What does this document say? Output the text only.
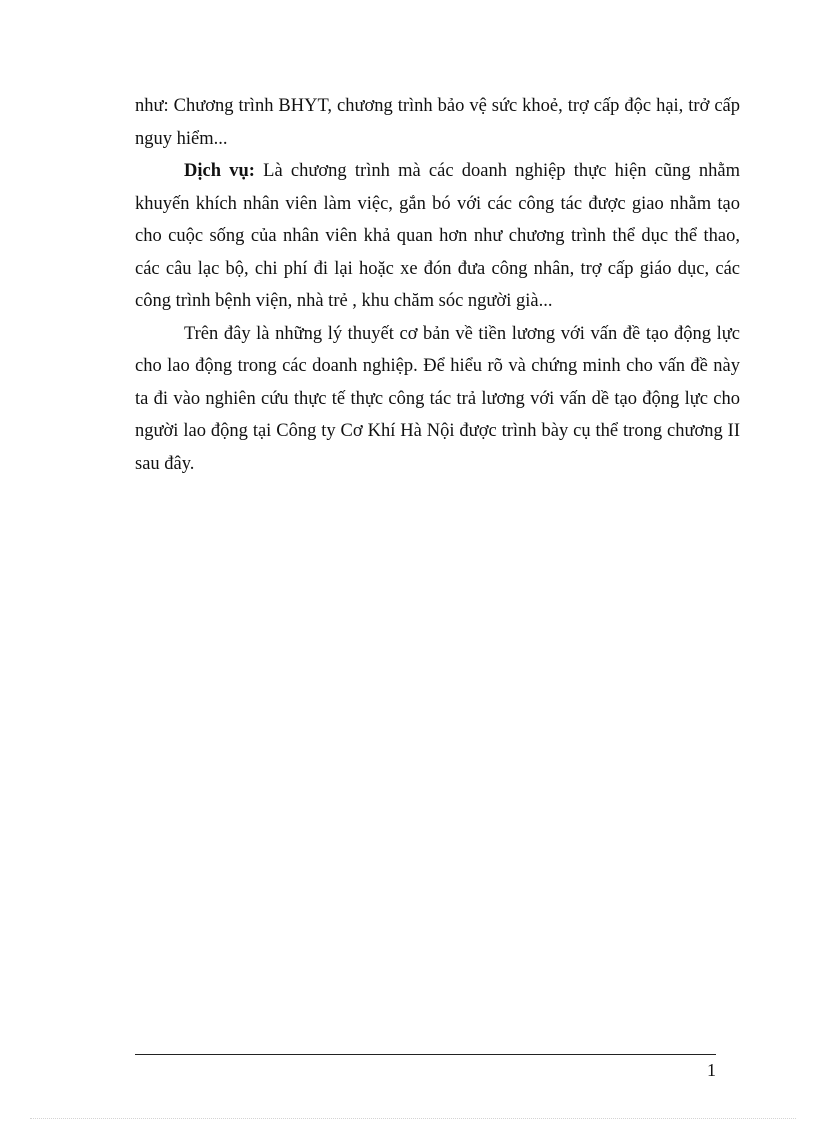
như: Chương trình BHYT, chương trình bảo vệ sức khoẻ, trợ cấp độc hại, trở cấp nguy hiểm...

Dịch vụ: Là chương trình mà các doanh nghiệp thực hiện cũng nhằm khuyến khích nhân viên làm việc, gắn bó với các công tác được giao nhằm tạo cho cuộc sống của nhân viên khả quan hơn như chương trình thể dục thể thao, các câu lạc bộ, chi phí đi lại hoặc xe đón đưa công nhân, trợ cấp giáo dục, các công trình bệnh viện, nhà trẻ , khu chăm sóc người già...

Trên đây là những lý thuyết cơ bản về tiền lương với vấn đề tạo động lực cho lao động trong các doanh nghiệp. Để hiểu rõ và chứng minh cho vấn đề này ta đi vào nghiên cứu thực tế thực công tác trả lương với vấn dề tạo động lực cho người lao động tại Công ty Cơ Khí Hà Nội được trình bày cụ thể trong chương II sau đây.

1
